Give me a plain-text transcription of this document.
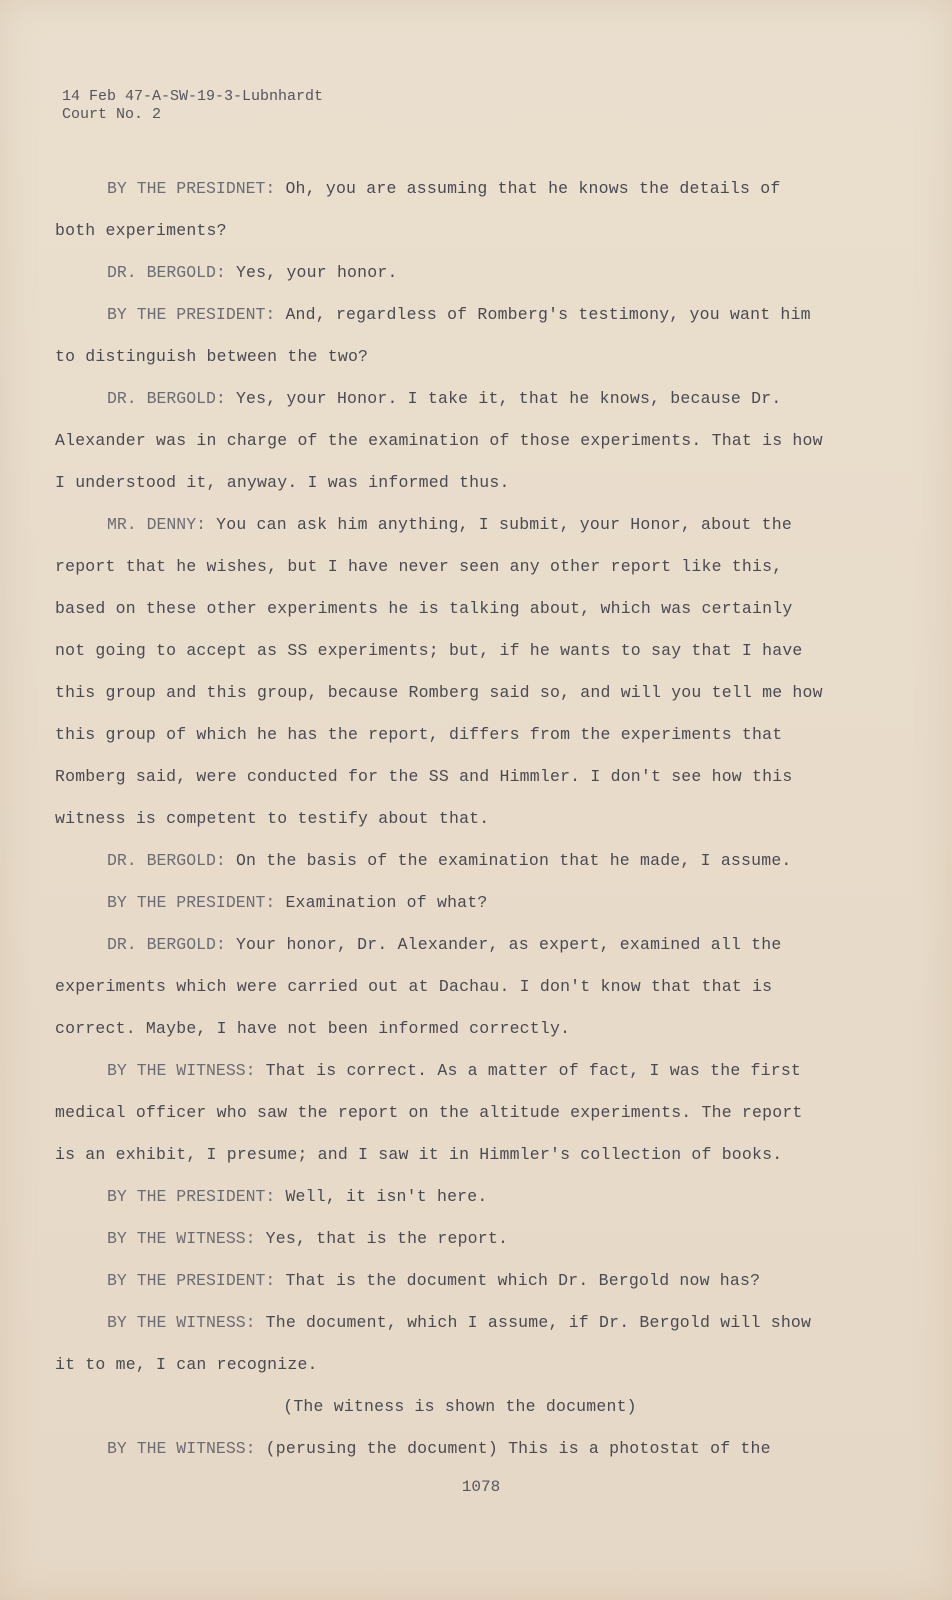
14 Feb 47-A-SW-19-3-Lubnhardt
Court No. 2

BY THE PRESIDNET: Oh, you are assuming that he knows the details of both experiments?

DR. BERGOLD: Yes, your honor.

BY THE PRESIDENT: And, regardless of Romberg's testimony, you want him to distinguish between the two?

DR. BERGOLD: Yes, your Honor. I take it, that he knows, because Dr. Alexander was in charge of the examination of those experiments. That is how I understood it, anyway. I was informed thus.

MR. DENNY: You can ask him anything, I submit, your Honor, about the report that he wishes, but I have never seen any other report like this, based on these other experiments he is talking about, which was certainly not going to accept as SS experiments; but, if he wants to say that I have this group and this group, because Romberg said so, and will you tell me how this group of which he has the report, differs from the experiments that Romberg said, were conducted for the SS and Himmler. I don't see how this witness is competent to testify about that.

DR. BERGOLD: On the basis of the examination that he made, I assume.

BY THE PRESIDENT: Examination of what?

DR. BERGOLD: Your honor, Dr. Alexander, as expert, examined all the experiments which were carried out at Dachau. I don't know that that is correct. Maybe, I have not been informed correctly.

BY THE WITNESS: That is correct. As a matter of fact, I was the first medical officer who saw the report on the altitude experiments. The report is an exhibit, I presume; and I saw it in Himmler's collection of books.

BY THE PRESIDENT: Well, it isn't here.

BY THE WITNESS: Yes, that is the report.

BY THE PRESIDENT: That is the document which Dr. Bergold now has?

BY THE WITNESS: The document, which I assume, if Dr. Bergold will show it to me, I can recognize.

(The witness is shown the document)

BY THE WITNESS: (perusing the document) This is a photostat of the

1078
